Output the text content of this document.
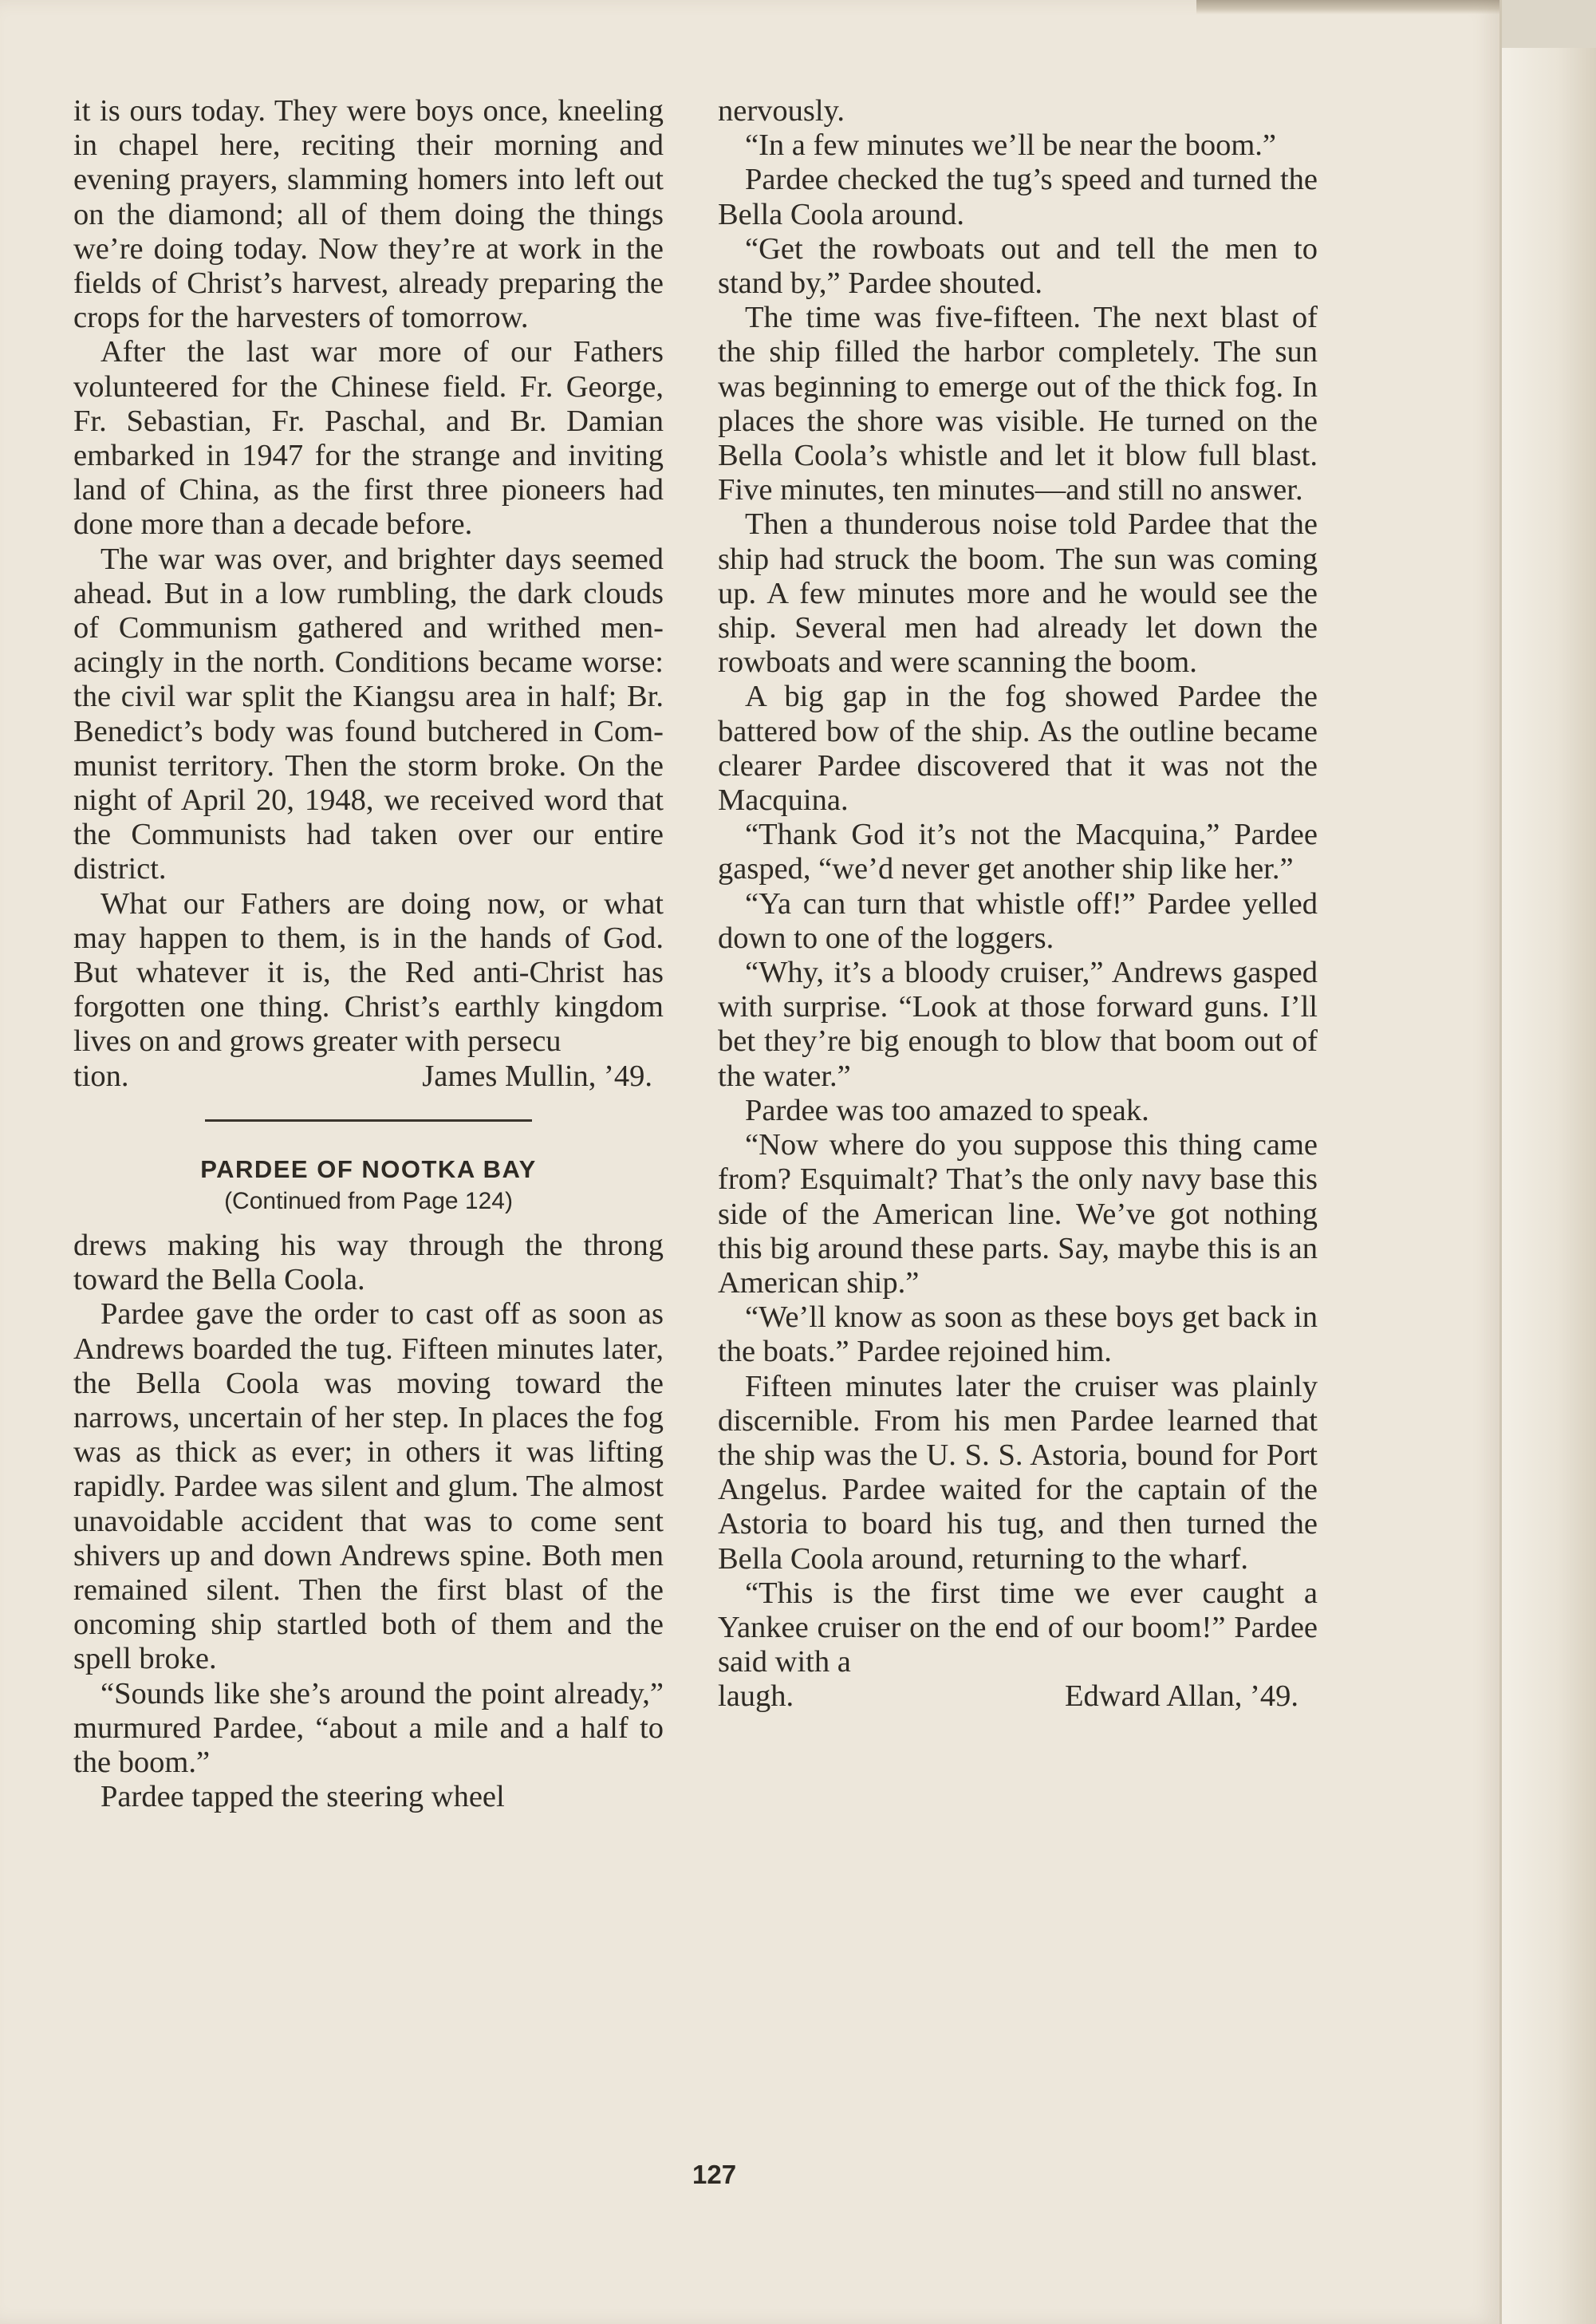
it is ours today. They were boys once, kneeling in chapel here, reciting their morning and evening prayers, slamming homers into left out on the diamond; all of them doing the things we’re doing today. Now they’re at work in the fields of Christ’s harvest, already preparing the crops for the harvesters of tomorrow.

After the last war more of our Fathers volunteered for the Chinese field. Fr. George, Fr. Sebastian, Fr. Paschal, and Br. Damian embarked in 1947 for the strange and inviting land of China, as the first three pioneers had done more than a decade before.

The war was over, and brighter days seemed ahead. But in a low rumbling, the dark clouds of Communism gathered and writhed menacingly in the north. Conditions became worse: the civil war split the Kiangsu area in half; Br. Benedict’s body was found butchered in Communist territory. Then the storm broke. On the night of April 20, 1948, we received word that the Communists had taken over our entire district.

What our Fathers are doing now, or what may happen to them, is in the hands of God. But whatever it is, the Red anti-Christ has forgotten one thing. Christ’s earthly kingdom lives on and grows greater with persecu

tion.	James Mullin, ’49.
PARDEE OF NOOTKA BAY
(Continued from Page 124)

drews making his way through the throng toward the Bella Coola.

Pardee gave the order to cast off as soon as Andrews boarded the tug. Fifteen minutes later, the Bella Coola was moving toward the narrows, uncertain of her step. In places the fog was as thick as ever; in others it was lifting rapidly. Pardee was silent and glum. The almost unavoidable accident that was to come sent shivers up and down Andrews spine. Both men remained silent. Then the first blast of the oncoming ship startled both of them and the spell broke.

“Sounds like she’s around the point already,” murmured Pardee, “about a mile and a half to the boom.”

Pardee tapped the steering wheel

nervously.

“In a few minutes we’ll be near the boom.”

Pardee checked the tug’s speed and turned the Bella Coola around.

“Get the rowboats out and tell the men to stand by,” Pardee shouted.

The time was five-fifteen. The next blast of the ship filled the harbor completely. The sun was beginning to emerge out of the thick fog. In places the shore was visible. He turned on the Bella Coola’s whistle and let it blow full blast. Five minutes, ten minutes—and still no answer.

Then a thunderous noise told Pardee that the ship had struck the boom. The sun was coming up. A few minutes more and he would see the ship. Several men had already let down the rowboats and were scanning the boom.

A big gap in the fog showed Pardee the battered bow of the ship. As the outline became clearer Pardee discovered that it was not the Macquina.

“Thank God it’s not the Macquina,” Pardee gasped, “we’d never get another ship like her.”

“Ya can turn that whistle off!” Pardee yelled down to one of the loggers.

“Why, it’s a bloody cruiser,” Andrews gasped with surprise. “Look at those forward guns. I’ll bet they’re big enough to blow that boom out of the water.”

Pardee was too amazed to speak.

“Now where do you suppose this thing came from? Esquimalt? That’s the only navy base this side of the American line. We’ve got nothing this big around these parts. Say, maybe this is an American ship.”

“We’ll know as soon as these boys get back in the boats.” Pardee rejoined him.

Fifteen minutes later the cruiser was plainly discernible. From his men Pardee learned that the ship was the U. S. S. Astoria, bound for Port Angelus. Pardee waited for the captain of the Astoria to board his tug, and then turned the Bella Coola around, returning to the wharf.

“This is the first time we ever caught a Yankee cruiser on the end of our boom!” Pardee said with a

laugh.	Edward Allan, ’49.
127
